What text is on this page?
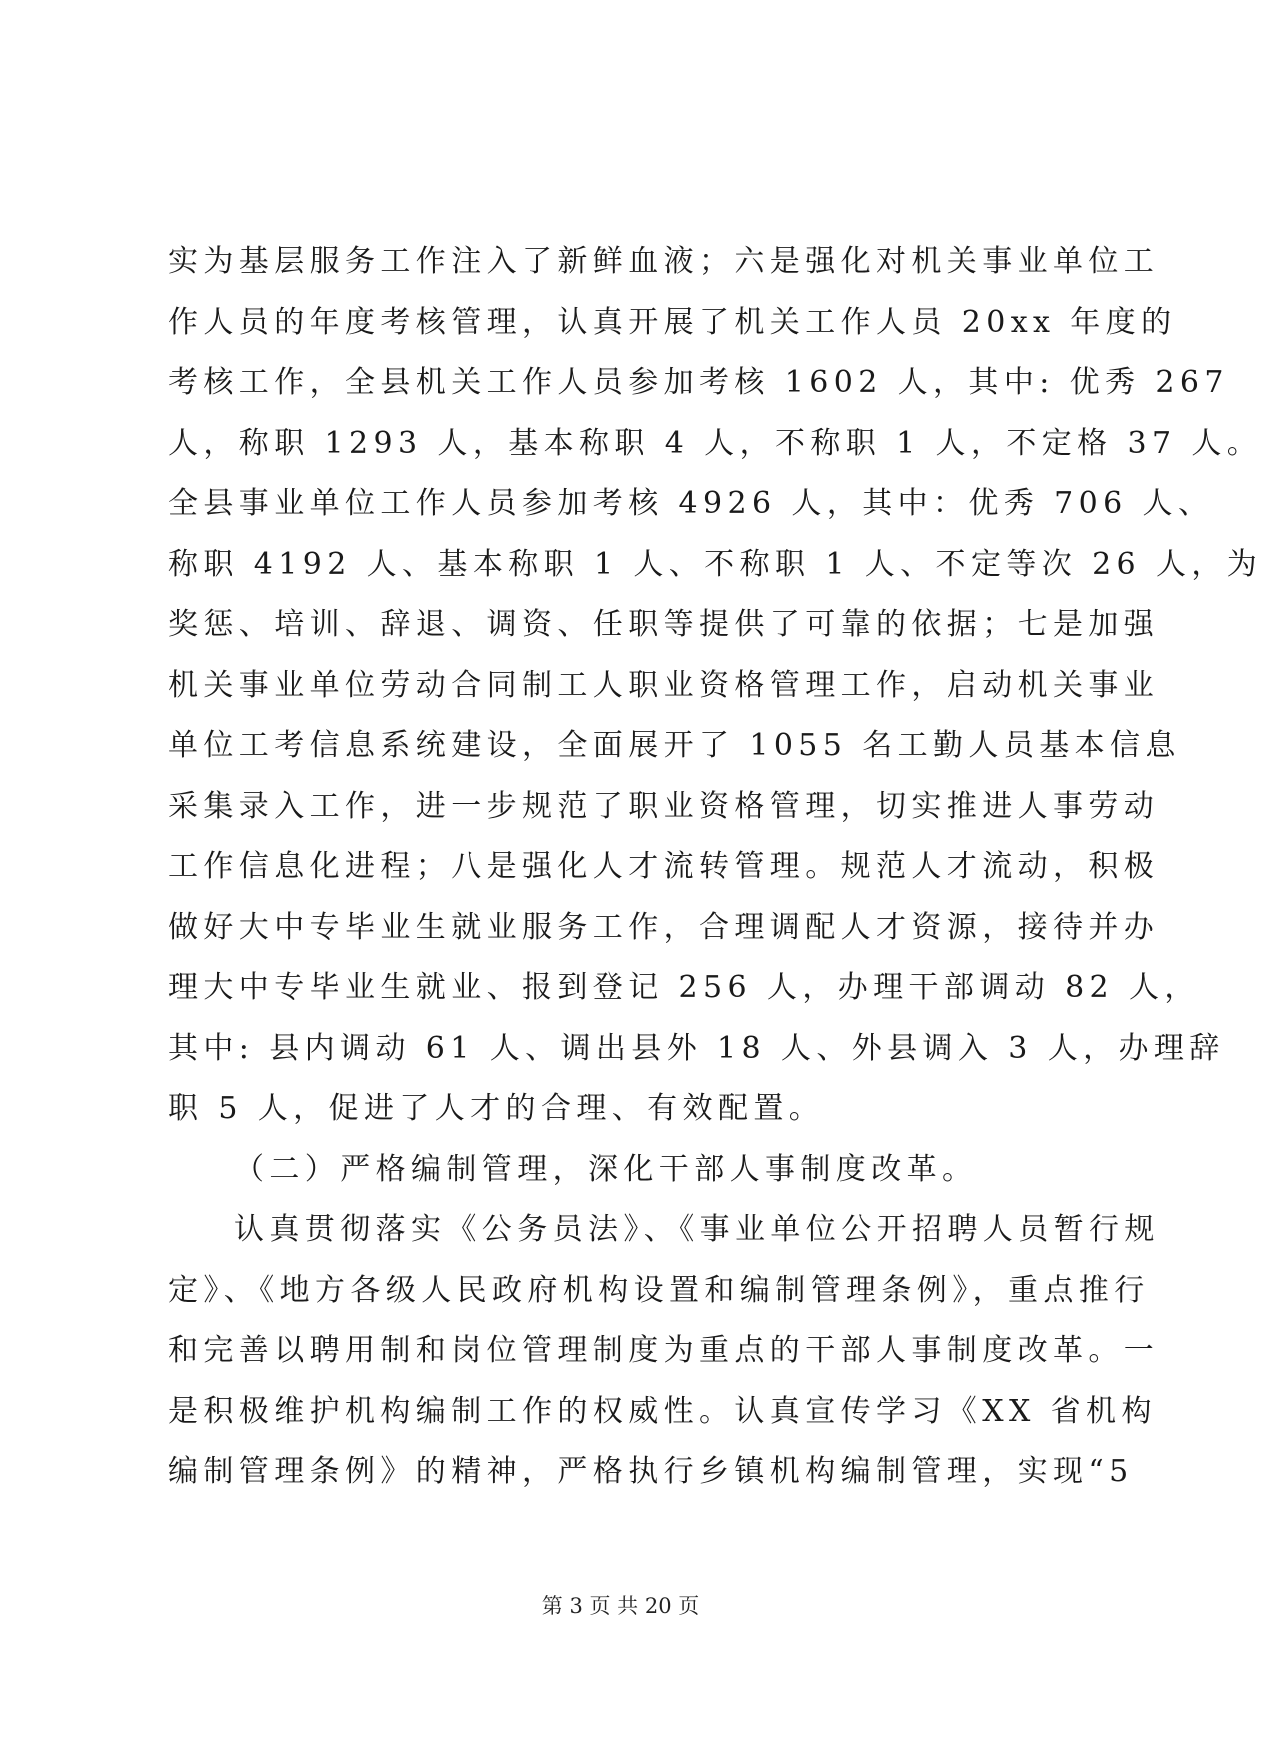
实为基层服务工作注入了新鲜血液；六是强化对机关事业单位工
作人员的年度考核管理，认真开展了机关工作人员 20xx 年度的
考核工作，全县机关工作人员参加考核 1602 人，其中: 优秀 267
人，称职 1293 人，基本称职 4 人，不称职 1 人，不定格 37 人。
全县事业单位工作人员参加考核 4926 人，其中：优秀 706 人、
称职 4192 人、基本称职 1 人、不称职 1 人、不定等次 26 人，为
奖惩、培训、辞退、调资、任职等提供了可靠的依据；七是加强
机关事业单位劳动合同制工人职业资格管理工作，启动机关事业
单位工考信息系统建设，全面展开了 1055 名工勤人员基本信息
采集录入工作，进一步规范了职业资格管理，切实推进人事劳动
工作信息化进程；八是强化人才流转管理。规范人才流动，积极
做好大中专毕业生就业服务工作，合理调配人才资源，接待并办
理大中专毕业生就业、报到登记 256 人，办理干部调动 82 人，
其中: 县内调动 61 人、调出县外 18 人、外县调入 3 人，办理辞
职 5 人，促进了人才的合理、有效配置。
（二）严格编制管理，深化干部人事制度改革。
认真贯彻落实《公务员法》、《事业单位公开招聘人员暂行规
定》、《地方各级人民政府机构设置和编制管理条例》，重点推行
和完善以聘用制和岗位管理制度为重点的干部人事制度改革。一
是积极维护机构编制工作的权威性。认真宣传学习《XX 省机构
编制管理条例》的精神，严格执行乡镇机构编制管理，实现“5
第 3 页 共 20 页
